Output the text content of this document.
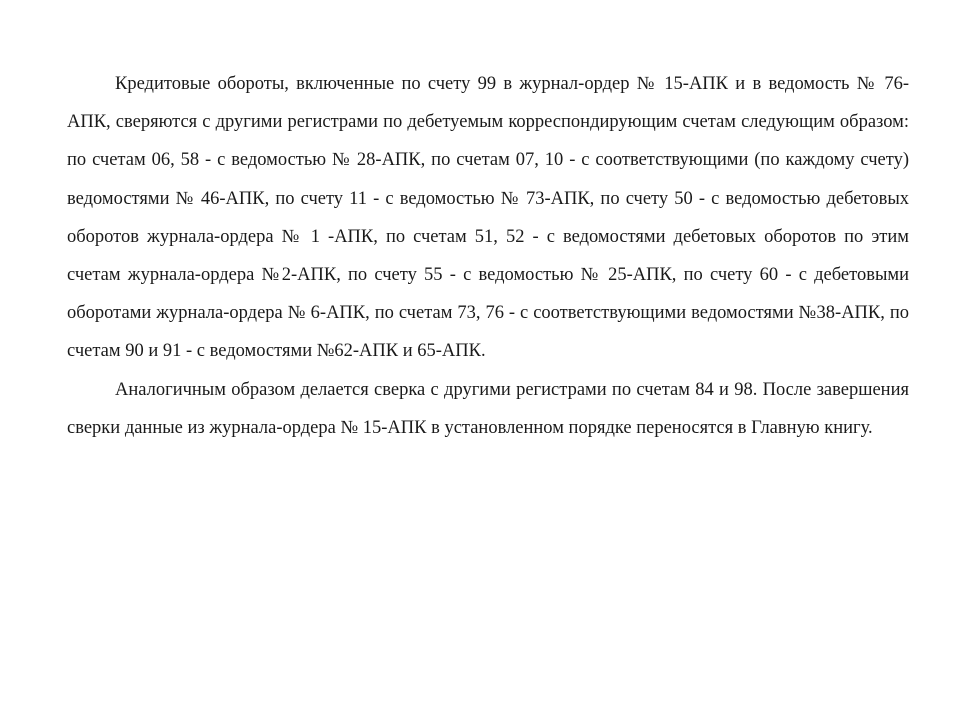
Кредитовые обороты, включенные по счету 99 в журнал-ордер № 15-АПК и в ведомость № 76-АПК, сверяются с другими регистрами по дебетуемым корреспондирующим счетам следующим образом: по счетам 06, 58 - с ведомостью № 28-АПК, по счетам 07, 10 - с соответствующими (по каждому счету) ведомостями № 46-АПК, по счету 11 - с ведомостью № 73-АПК, по счету 50 - с ведомостью дебетовых оборотов журнала-ордера № 1 -АПК, по счетам 51, 52 - с ведомостями дебетовых оборотов по этим счетам журнала-ордера №2-АПК, по счету 55 - с ведомостью № 25-АПК, по счету 60 - с дебетовыми оборотами журнала-ордера № 6-АПК, по счетам 73, 76 - с соответствующими ведомостями №38-АПК, по счетам 90 и 91 - с ведомостями №62-АПК и 65-АПК.

Аналогичным образом делается сверка с другими регистрами по счетам 84 и 98. После завершения сверки данные из журнала-ордера № 15-АПК в установленном порядке переносятся в Главную книгу.
